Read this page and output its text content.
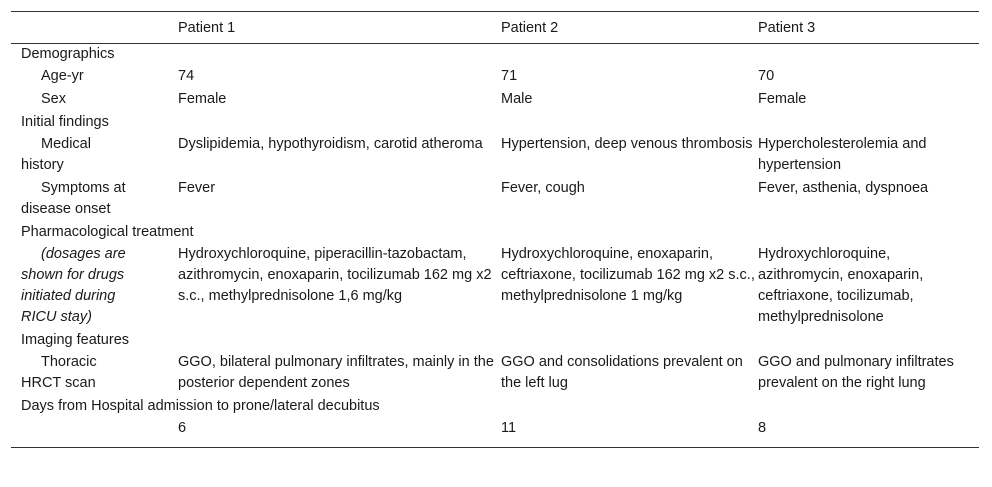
	Patient 1	Patient 2	Patient 3
Demographics			
Age-yr	74	71	70
Sex	Female	Male	Female
Initial findings			

Medical
history	Dyslipidemia, hypothyroidism, carotid atheroma	Hypertension, deep venous thrombosis	Hypercholesterolemia and hypertension

Symptoms at
disease onset	Fever	Fever, cough	Fever, asthenia, dyspnoea
Pharmacological treatment			

(dosages are
shown for drugs
initiated during
RICU stay)	Hydroxychloroquine, piperacillin-tazobactam, azithromycin, enoxaparin, tocilizumab 162 mg x2 s.c., methylprednisolone 1,6 mg/kg	Hydroxychloroquine, enoxaparin, ceftriaxone, tocilizumab 162 mg x2 s.c., methylprednisolone 1 mg/kg	Hydroxychloroquine, azithromycin, enoxaparin, ceftriaxone, tocilizumab, methylprednisolone
Imaging features			

Thoracic
HRCT scan	GGO, bilateral pulmonary infiltrates, mainly in the posterior dependent zones	GGO and consolidations prevalent on the left lug	GGO and pulmonary infiltrates prevalent on the right lung
Days from Hospital admission to prone/lateral decubitus			
	6	11	8
